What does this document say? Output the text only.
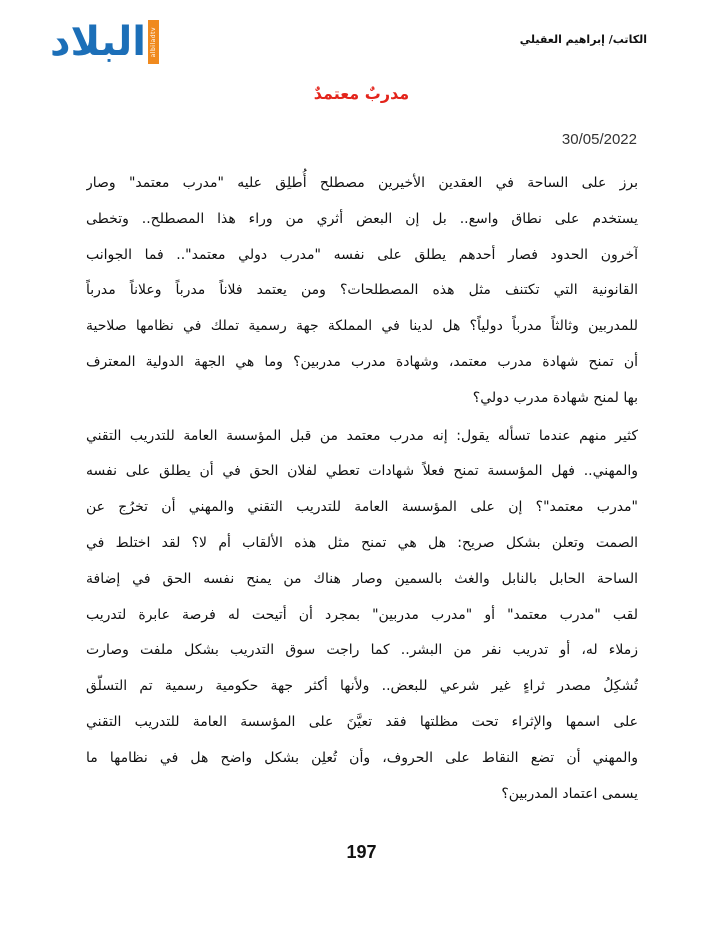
البلاد albiladtv	الكاتب/ إبراهيم العقيلي
مدربٌ معتمدٌ
30/05/2022
برز على الساحة في العقدين الأخيرين مصطلح أُطلِق عليه "مدرب معتمد" وصار
يستخدم على نطاق واسع.. بل إن البعض أثري من وراء هذا المصطلح.. وتخطى
آخرون الحدود فصار أحدهم يطلق على نفسه "مدرب دولي معتمد".. فما الجوانب
القانونية التي تكتنف مثل هذه المصطلحات؟ ومن يعتمد فلاناً مدرباً وعلاناً مدرباً
للمدربين وثالثاً مدرباً دولياً؟ هل لدينا في المملكة جهة رسمية تملك في نظامها صلاحية
أن تمنح شهادة مدرب معتمد، وشهادة مدرب مدربين؟ وما هي الجهة الدولية المعترف
بها لمنح شهادة مدرب دولي؟
كثير منهم عندما تسأله يقول: إنه مدرب معتمد من قبل المؤسسة العامة للتدريب التقني
والمهني.. فهل المؤسسة تمنح فعلاً شهادات تعطي لفلان الحق في أن يطلق على نفسه
"مدرب معتمد"؟ إن على المؤسسة العامة للتدريب التقني والمهني أن تخرُج عن
الصمت وتعلن بشكل صريح: هل هي تمنح مثل هذه الألقاب أم لا؟ لقد اختلط في
الساحة الحابل بالنابل والغث بالسمين وصار هناك من يمنح نفسه الحق في إضافة
لقب "مدرب معتمد" أو "مدرب مدربين" بمجرد أن أتيحت له فرصة عابرة لتدريب
زملاء له، أو تدريب نفر من البشر.. كما راجت سوق التدريب بشكل ملفت وصارت
تُشكِلُ مصدر ثراءٍ غير شرعي للبعض.. ولأنها أكثر جهة حكومية رسمية تم التسلّق
على اسمها والإثراء تحت مظلتها فقد تعيَّنَ على المؤسسة العامة للتدريب التقني
والمهني أن تضع النقاط على الحروف، وأن تُعلِن بشكل واضح هل في نظامها ما
يسمى اعتماد المدربين؟
197
